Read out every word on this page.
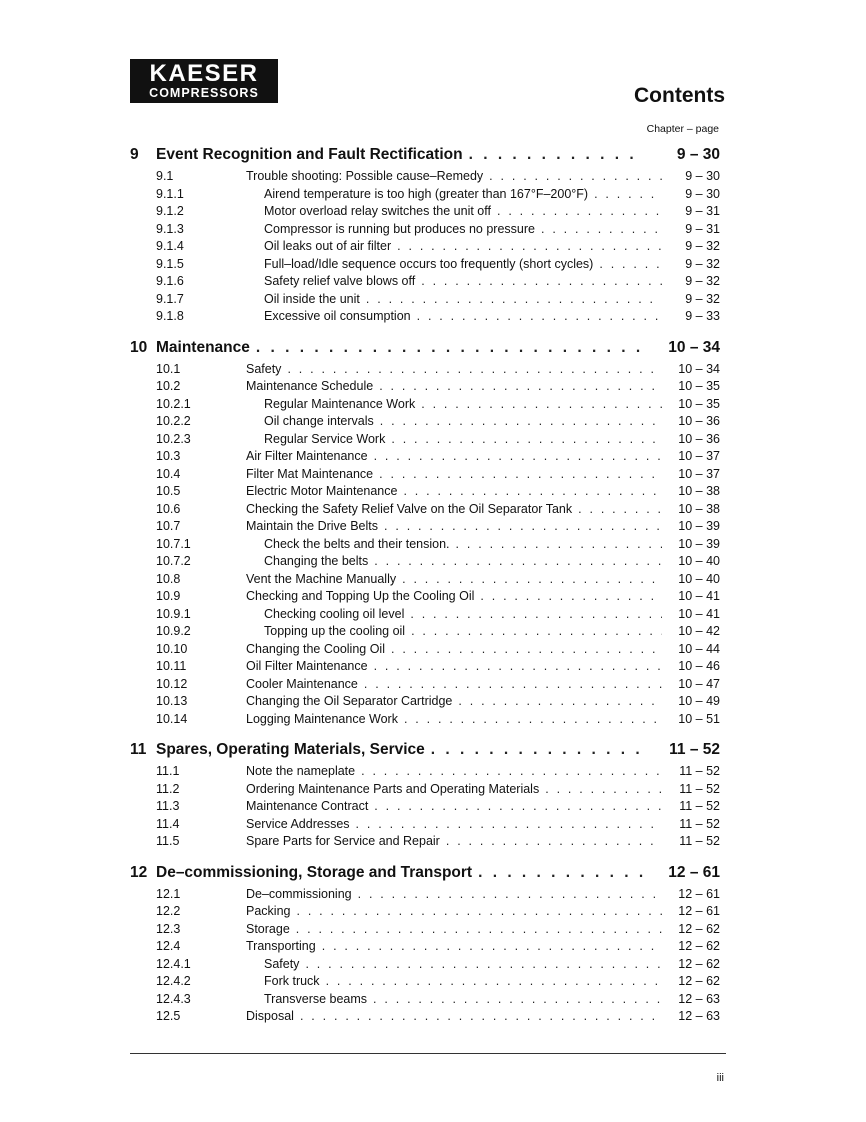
KAESER
COMPRESSORS	Contents
Chapter – page
9	Event Recognition and Fault Rectification . . .	9 – 30
9.1	Trouble shooting: Possible cause–Remedy . . .	9 – 30
9.1.1	Airend temperature is too high (greater than 167°F–200°F) . . .	9 – 30
9.1.2	Motor overload relay switches the unit off . . .	9 – 31
9.1.3	Compressor is running but produces no pressure . . .	9 – 31
9.1.4	Oil leaks out of air filter . . .	9 – 32
9.1.5	Full–load/Idle sequence occurs too frequently (short cycles) . . .	9 – 32
9.1.6	Safety relief valve blows off . . .	9 – 32
9.1.7	Oil inside the unit . . .	9 – 32
9.1.8	Excessive oil consumption . . .	9 – 33
10 Maintenance . . .	10 – 34
10.1	Safety . . .	10 – 34
10.2	Maintenance Schedule . . .	10 – 35
10.2.1	Regular Maintenance Work . . .	10 – 35
10.2.2	Oil change intervals . . .	10 – 36
10.2.3	Regular Service Work . . .	10 – 36
10.3	Air Filter Maintenance . . .	10 – 37
10.4	Filter Mat Maintenance . . .	10 – 37
10.5	Electric Motor Maintenance . . .	10 – 38
10.6	Checking the Safety Relief Valve on the Oil Separator Tank . . .	10 – 38
10.7	Maintain the Drive Belts . . .	10 – 39
10.7.1	Check the belts and their tension. . . .	10 – 39
10.7.2	Changing the belts . . .	10 – 40
10.8	Vent the Machine Manually . . .	10 – 40
10.9	Checking and Topping Up the Cooling Oil . . .	10 – 41
10.9.1	Checking cooling oil level . . .	10 – 41
10.9.2	Topping up the cooling oil . . .	10 – 42
10.10	Changing the Cooling Oil . . .	10 – 44
10.11	Oil Filter Maintenance . . .	10 – 46
10.12	Cooler Maintenance . . .	10 – 47
10.13	Changing the Oil Separator Cartridge . . .	10 – 49
10.14	Logging Maintenance Work . . .	10 – 51
11 Spares, Operating Materials, Service . . .	11 – 52
11.1	Note the nameplate . . .	11 – 52
11.2	Ordering Maintenance Parts and Operating Materials . . .	11 – 52
11.3	Maintenance Contract . . .	11 – 52
11.4	Service Addresses . . .	11 – 52
11.5	Spare Parts for Service and Repair . . .	11 – 52
12 De–commissioning, Storage and Transport . . .	12 – 61
12.1	De–commissioning . . .	12 – 61
12.2	Packing . . .	12 – 61
12.3	Storage . . .	12 – 62
12.4	Transporting . . .	12 – 62
12.4.1	Safety . . .	12 – 62
12.4.2	Fork truck . . .	12 – 62
12.4.3	Transverse beams . . .	12 – 63
12.5	Disposal . . .	12 – 63
iii
